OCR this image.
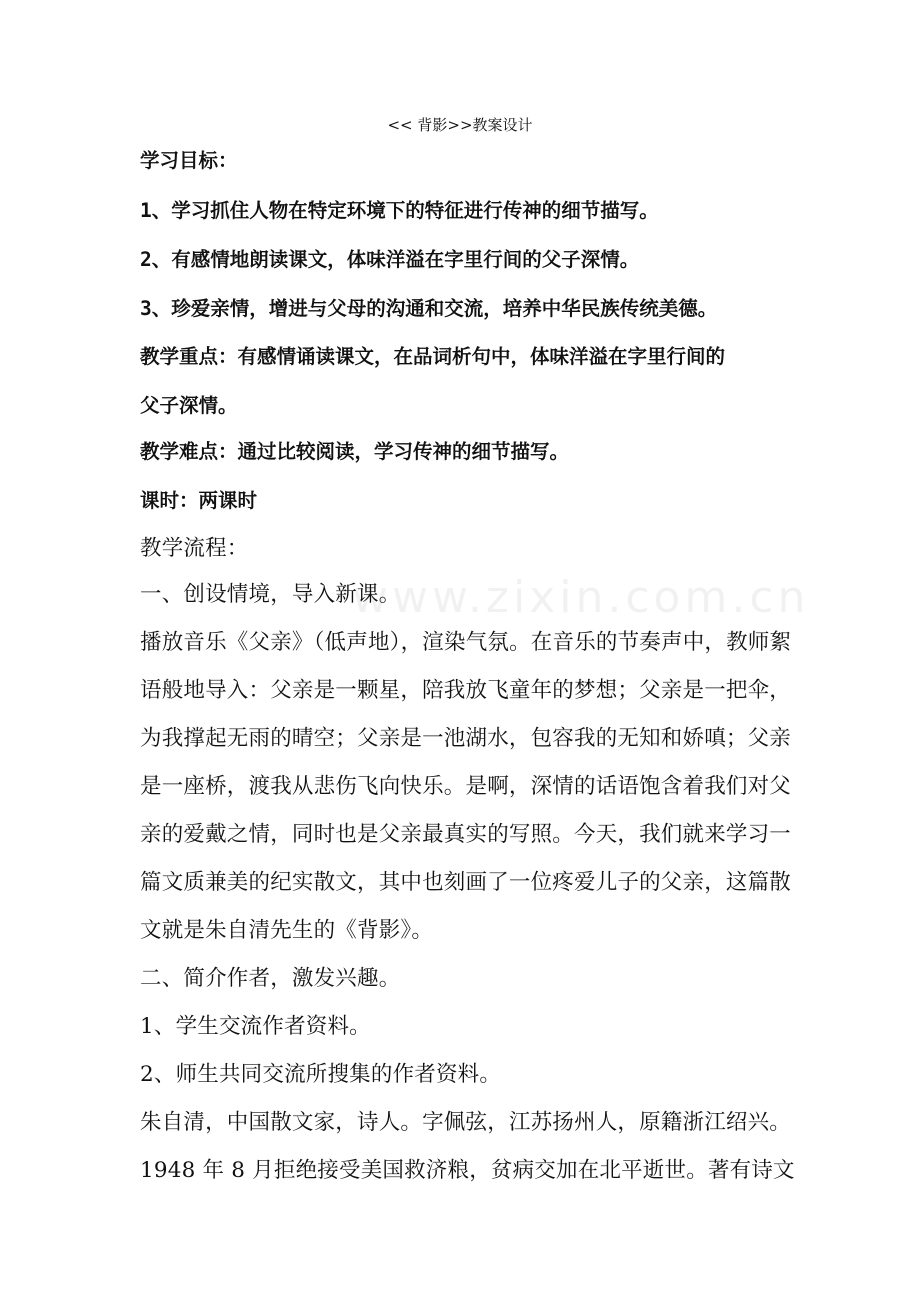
www.zixin.com.cn
<< 背影>>教案设计
学习目标：
1、学习抓住人物在特定环境下的特征进行传神的细节描写。
2、有感情地朗读课文，体味洋溢在字里行间的父子深情。
3、珍爱亲情，增进与父母的沟通和交流，培养中华民族传统美德。
教学重点：有感情诵读课文，在品词析句中，体味洋溢在字里行间的
父子深情。
教学难点：通过比较阅读，学习传神的细节描写。
课时：两课时
教学流程：
一、创设情境，导入新课。
播放音乐《父亲》（低声地），渲染气氛。在音乐的节奏声中，教师絮
语般地导入：父亲是一颗星，陪我放飞童年的梦想；父亲是一把伞，
为我撑起无雨的晴空；父亲是一池湖水，包容我的无知和娇嗔；父亲
是一座桥，渡我从悲伤飞向快乐。是啊，深情的话语饱含着我们对父
亲的爱戴之情，同时也是父亲最真实的写照。今天，我们就来学习一
篇文质兼美的纪实散文，其中也刻画了一位疼爱儿子的父亲，这篇散
文就是朱自清先生的《背影》。
二、简介作者，激发兴趣。
1、学生交流作者资料。
2、师生共同交流所搜集的作者资料。
朱自清，中国散文家，诗人。字佩弦，江苏扬州人，原籍浙江绍兴。
1948 年 8 月拒绝接受美国救济粮，贫病交加在北平逝世。著有诗文
